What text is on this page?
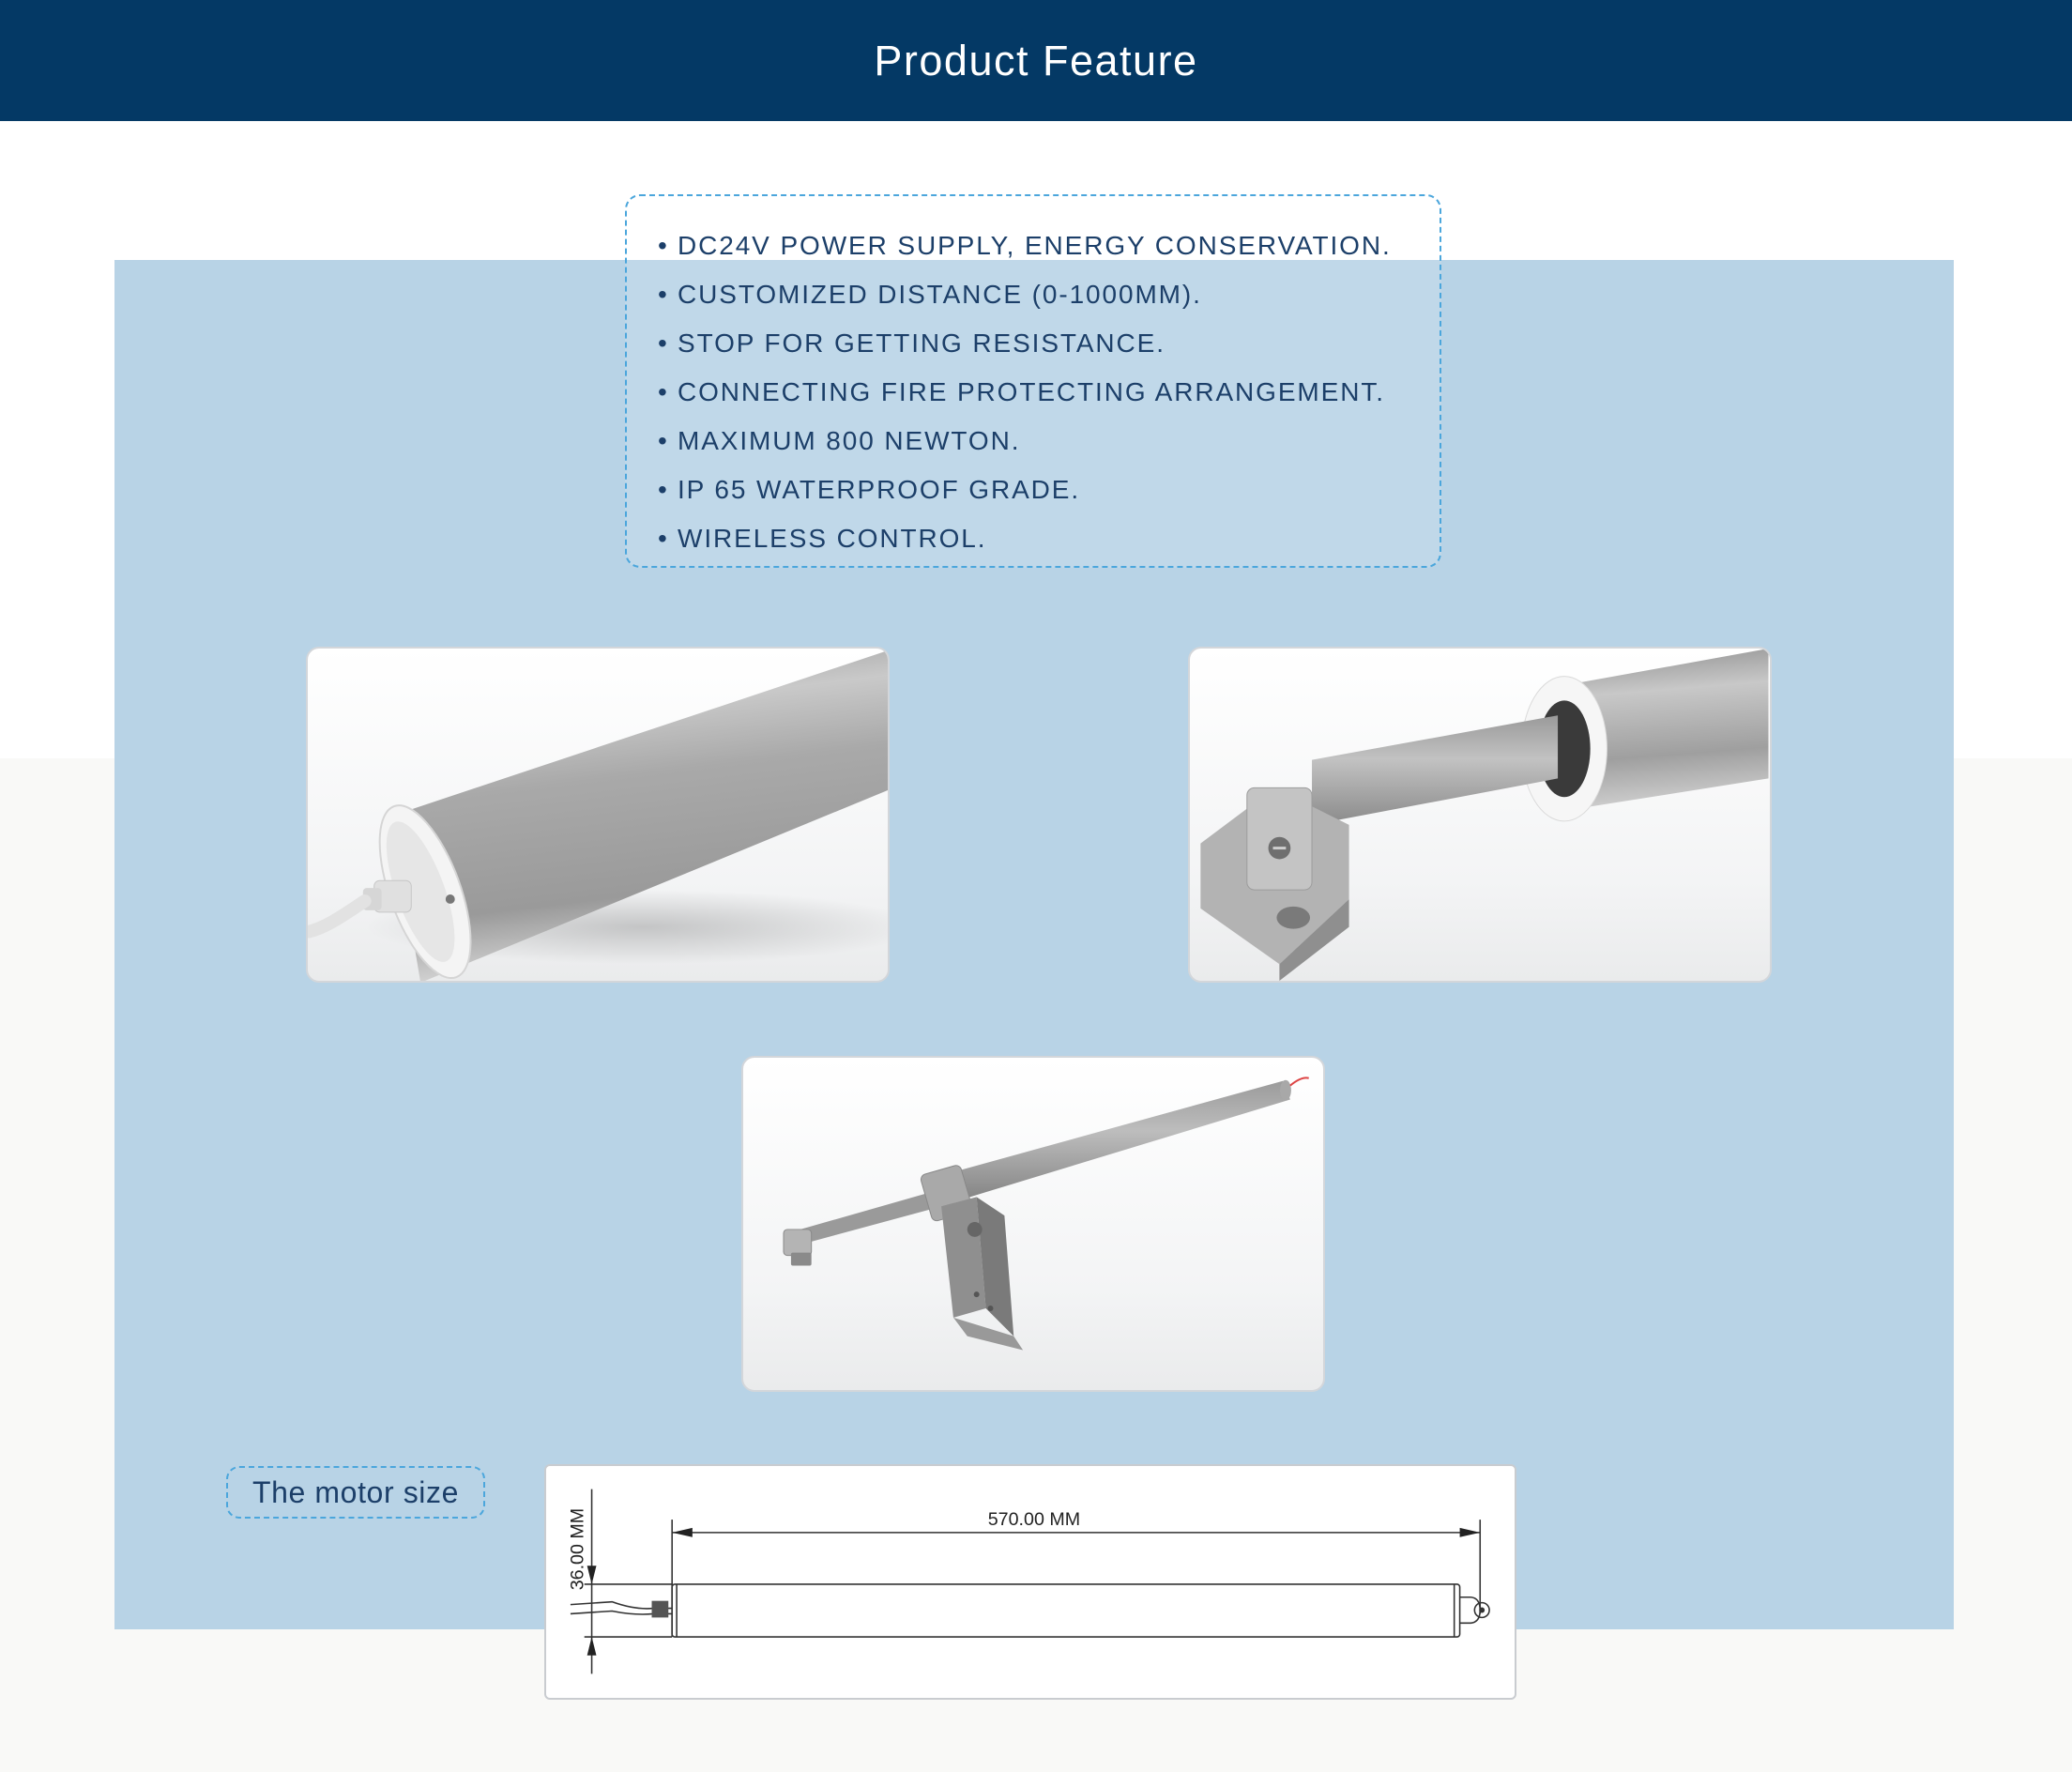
Product Feature
• DC24V POWER SUPPLY, ENERGY CONSERVATION.
• CUSTOMIZED DISTANCE (0-1000MM).
• STOP FOR GETTING RESISTANCE.
• CONNECTING FIRE PROTECTING ARRANGEMENT.
• MAXIMUM 800 NEWTON.
• IP 65 WATERPROOF GRADE.
• WIRELESS CONTROL.
The motor size
570.00 MM
36.00 MM
